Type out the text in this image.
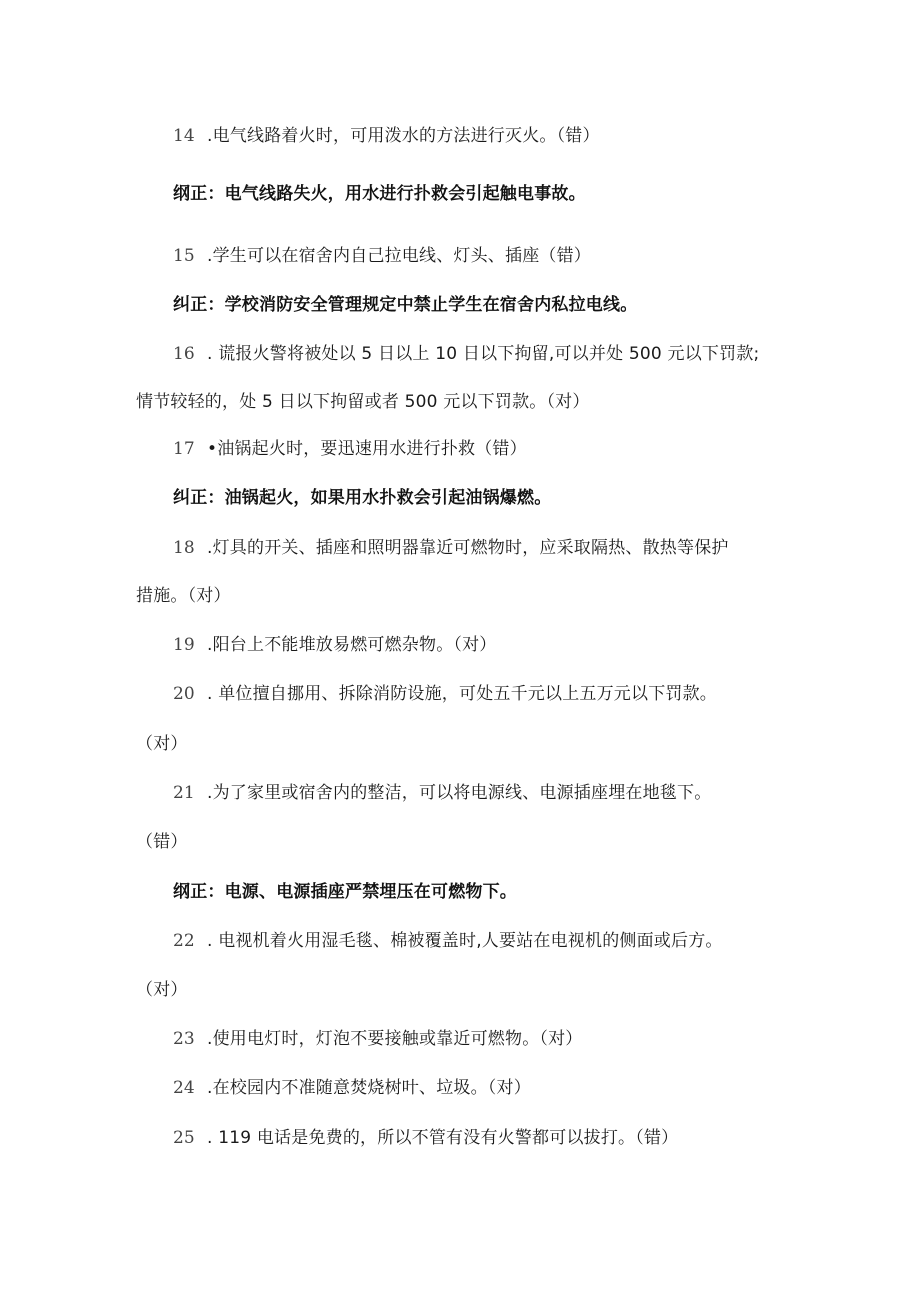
14 .电气线路着火时，可用泼水的方法进行灭火。（错）
纲正：电气线路失火，用水进行扑救会引起触电事故。
15 .学生可以在宿舍内自己拉电线、灯头、插座（错）
纠正：学校消防安全管理规定中禁止学生在宿舍内私拉电线。
16 . 谎报火警将被处以 5 日以上 10 日以下拘留,可以并处 500 元以下罚款;
情节较轻的，处 5 日以下拘留或者 500 元以下罚款。（对）
17 •油锅起火时，要迅速用水进行扑救（错）
纠正：油锅起火，如果用水扑救会引起油锅爆燃。
18 .灯具的开关、插座和照明器靠近可燃物时，应采取隔热、散热等保护
措施。（对）
19 .阳台上不能堆放易燃可燃杂物。（对）
20 . 单位擅自挪用、拆除消防设施，可处五千元以上五万元以下罚款。
（对）
21 .为了家里或宿舍内的整洁，可以将电源线、电源插座埋在地毯下。
（错）
纲正：电源、电源插座严禁埋压在可燃物下。
22 . 电视机着火用湿毛毯、棉被覆盖时,人要站在电视机的侧面或后方。
（对）
23 .使用电灯时，灯泡不要接触或靠近可燃物。（对）
24 .在校园内不准随意焚烧树叶、垃圾。（对）
25 . 119 电话是免费的，所以不管有没有火警都可以拔打。（错）
